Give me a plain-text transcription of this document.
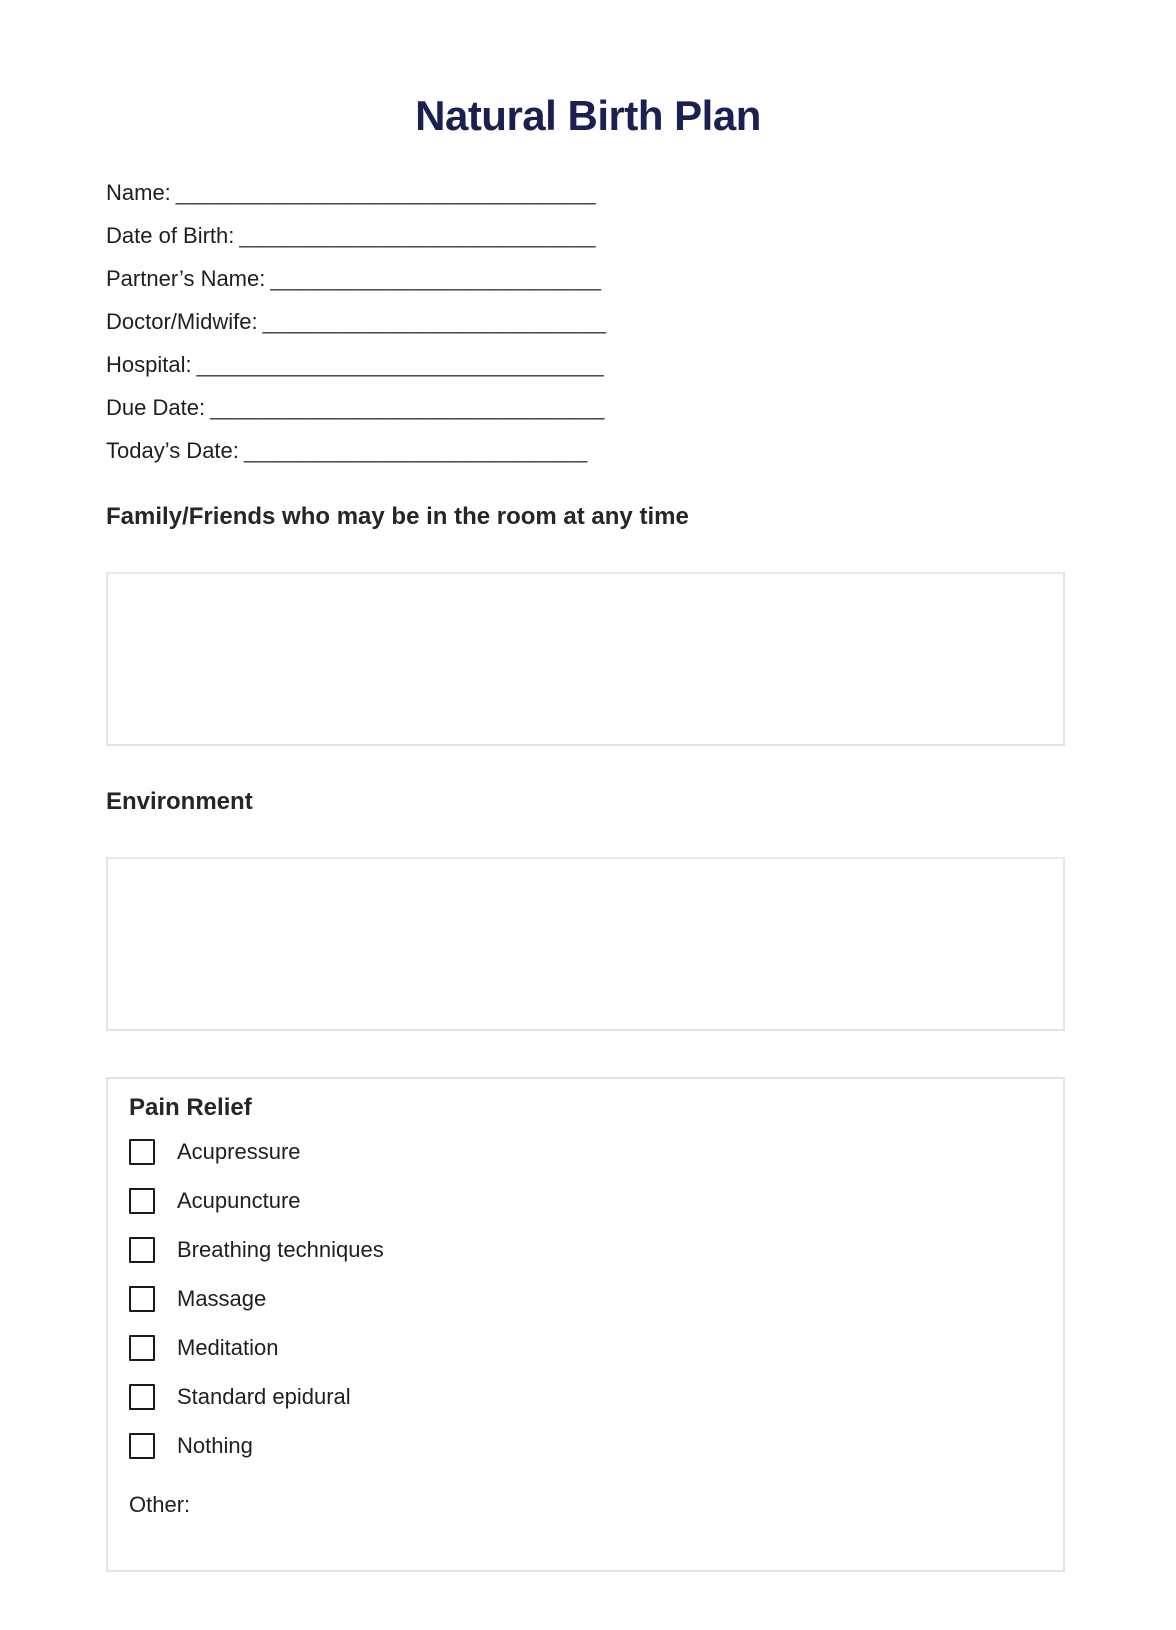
Natural Birth Plan
Name: _________________________________
Date of Birth: ____________________________
Partner’s Name: __________________________
Doctor/Midwife: ___________________________
Hospital: ________________________________
Due Date: _______________________________
Today’s Date: ___________________________
Family/Friends who may be in the room at any time
Environment
Pain Relief
Acupressure
Acupuncture
Breathing techniques
Massage
Meditation
Standard epidural
Nothing
Other:
